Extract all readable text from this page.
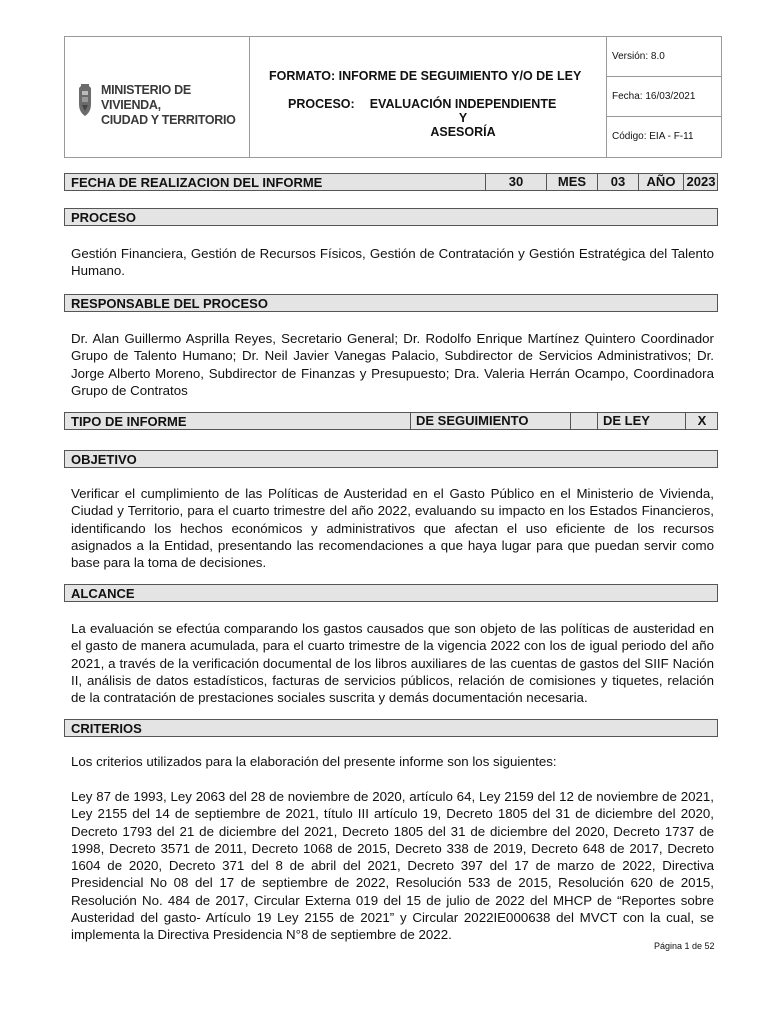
MINISTERIO DE VIVIENDA,
CIUDAD Y TERRITORIO
FORMATO: INFORME DE SEGUIMIENTO Y/O DE LEY
PROCESO: EVALUACIÓN INDEPENDIENTE Y
ASESORÍA
Versión: 8.0
Fecha: 16/03/2021
Código: EIA - F-11
FECHA DE REALIZACION DEL INFORME	30	MES	03	AÑO 2023
PROCESO
Gestión Financiera, Gestión de Recursos Físicos, Gestión de Contratación y Gestión Estratégica del Talento Humano.
RESPONSABLE DEL PROCESO
Dr. Alan Guillermo Asprilla Reyes, Secretario General; Dr. Rodolfo Enrique Martínez Quintero Coordinador Grupo de Talento Humano; Dr. Neil Javier Vanegas Palacio, Subdirector de Servicios Administrativos; Dr. Jorge Alberto Moreno, Subdirector de Finanzas y Presupuesto; Dra. Valeria Herrán Ocampo, Coordinadora Grupo de Contratos
TIPO DE INFORME	DE SEGUIMIENTO	DE LEY	X
OBJETIVO
Verificar el cumplimiento de las Políticas de Austeridad en el Gasto Público en el Ministerio de Vivienda, Ciudad y Territorio, para el cuarto trimestre del año 2022, evaluando su impacto en los Estados Financieros, identificando los hechos económicos y administrativos que afectan el uso eficiente de los recursos asignados a la Entidad, presentando las recomendaciones a que haya lugar para que puedan servir como base para la toma de decisiones.
ALCANCE
La evaluación se efectúa comparando los gastos causados que son objeto de las políticas de austeridad en el gasto de manera acumulada, para el cuarto trimestre de la vigencia 2022 con los de igual periodo del año 2021, a través de la verificación documental de los libros auxiliares de las cuentas de gastos del SIIF Nación II, análisis de datos estadísticos, facturas de servicios públicos, relación de comisiones y tiquetes, relación de la contratación de prestaciones sociales suscrita y demás documentación necesaria.
CRITERIOS
Los criterios utilizados para la elaboración del presente informe son los siguientes:
Ley 87 de 1993, Ley 2063 del 28 de noviembre de 2020, artículo 64, Ley 2159 del 12 de noviembre de 2021, Ley 2155 del 14 de septiembre de 2021, título III artículo 19, Decreto 1805 del 31 de diciembre del 2020, Decreto 1793 del 21 de diciembre del 2021, Decreto 1805 del 31 de diciembre del 2020, Decreto 1737 de 1998, Decreto 3571 de 2011, Decreto 1068 de 2015, Decreto 338 de 2019, Decreto 648 de 2017, Decreto 1604 de 2020, Decreto 371 del 8 de abril del 2021, Decreto 397 del 17 de marzo de 2022, Directiva Presidencial No 08 del 17 de septiembre de 2022, Resolución 533 de 2015, Resolución 620 de 2015, Resolución No. 484 de 2017, Circular Externa 019 del 15 de julio de 2022 del MHCP de “Reportes sobre Austeridad del gasto- Artículo 19 Ley 2155 de 2021” y Circular 2022IE000638 del MVCT con la cual, se implementa la Directiva Presidencia N°8 de septiembre de 2022.
Página 1 de 52
